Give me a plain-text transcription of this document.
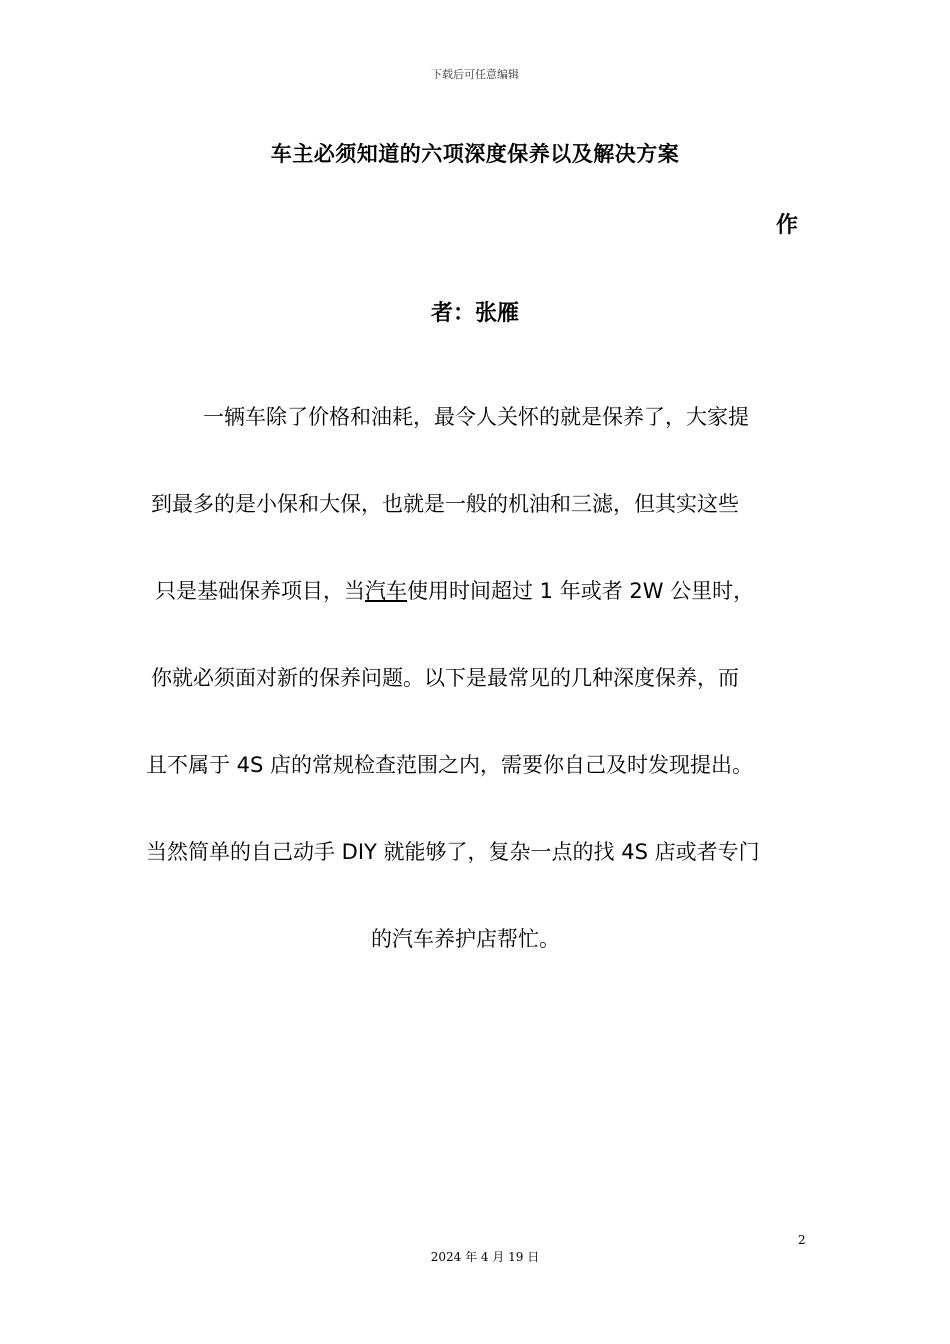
下载后可任意编辑
车主必须知道的六项深度保养以及解决方案
作
者：张雁
一辆车除了价格和油耗，最令人关怀的就是保养了，大家提
到最多的是小保和大保，也就是一般的机油和三滤，但其实这些
只是基础保养项目，当汽车使用时间超过 1 年或者 2W 公里时，
你就必须面对新的保养问题。以下是最常见的几种深度保养，而
且不属于 4S 店的常规检查范围之内，需要你自己及时发现提出。
当然简单的自己动手 DIY 就能够了，复杂一点的找 4S 店或者专门
的汽车养护店帮忙。
2
2024 年 4 月 19 日
